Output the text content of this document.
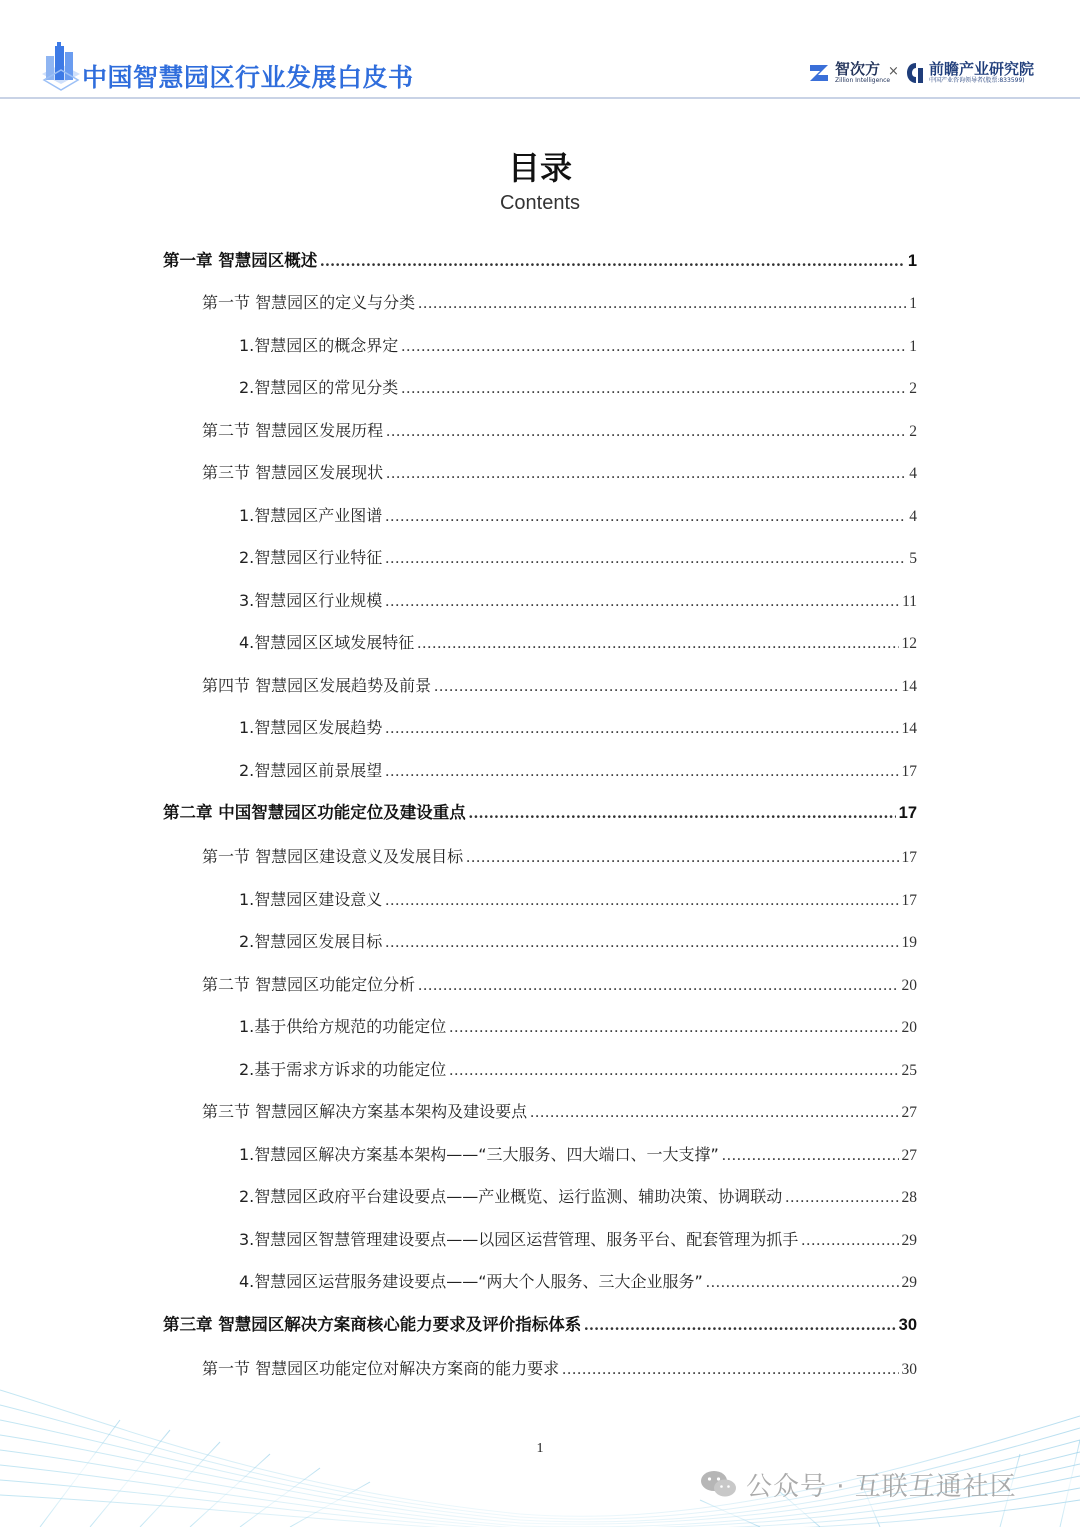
中国智慧园区行业发展白皮书	智次方
Zillion Intelligence
× 前瞻产业研究院
中国产业咨询领导者(股票:833599)
目录
Contents
第一章 智慧园区概述 .....	1
第一节 智慧园区的定义与分类 .....	1
1.智慧园区的概念界定 .....	1
2.智慧园区的常见分类 .....	2
第二节 智慧园区发展历程 .....	2
第三节 智慧园区发展现状 .....	4
1.智慧园区产业图谱 .....	4
2.智慧园区行业特征 .....	5
3.智慧园区行业规模 .....	11
4.智慧园区区域发展特征 .....	12
第四节 智慧园区发展趋势及前景 .....	14
1.智慧园区发展趋势 .....	14
2.智慧园区前景展望 .....	17
第二章 中国智慧园区功能定位及建设重点 .....	17
第一节 智慧园区建设意义及发展目标 .....	17
1.智慧园区建设意义 .....	17
2.智慧园区发展目标 .....	19
第二节 智慧园区功能定位分析 .....	20
1.基于供给方规范的功能定位 .....	20
2.基于需求方诉求的功能定位 .....	25
第三节 智慧园区解决方案基本架构及建设要点 .....	27
1.智慧园区解决方案基本架构——“三大服务、四大端口、一大支撑” .....	27
2.智慧园区政府平台建设要点——产业概览、运行监测、辅助决策、协调联动 .....	28
3.智慧园区智慧管理建设要点——以园区运营管理、服务平台、配套管理为抓手 .....	29
4.智慧园区运营服务建设要点——“两大个人服务、三大企业服务” .....	29
第三章 智慧园区解决方案商核心能力要求及评价指标体系 .....	30
第一节 智慧园区功能定位对解决方案商的能力要求 .....	30
1
公众号 · 互联互通社区
